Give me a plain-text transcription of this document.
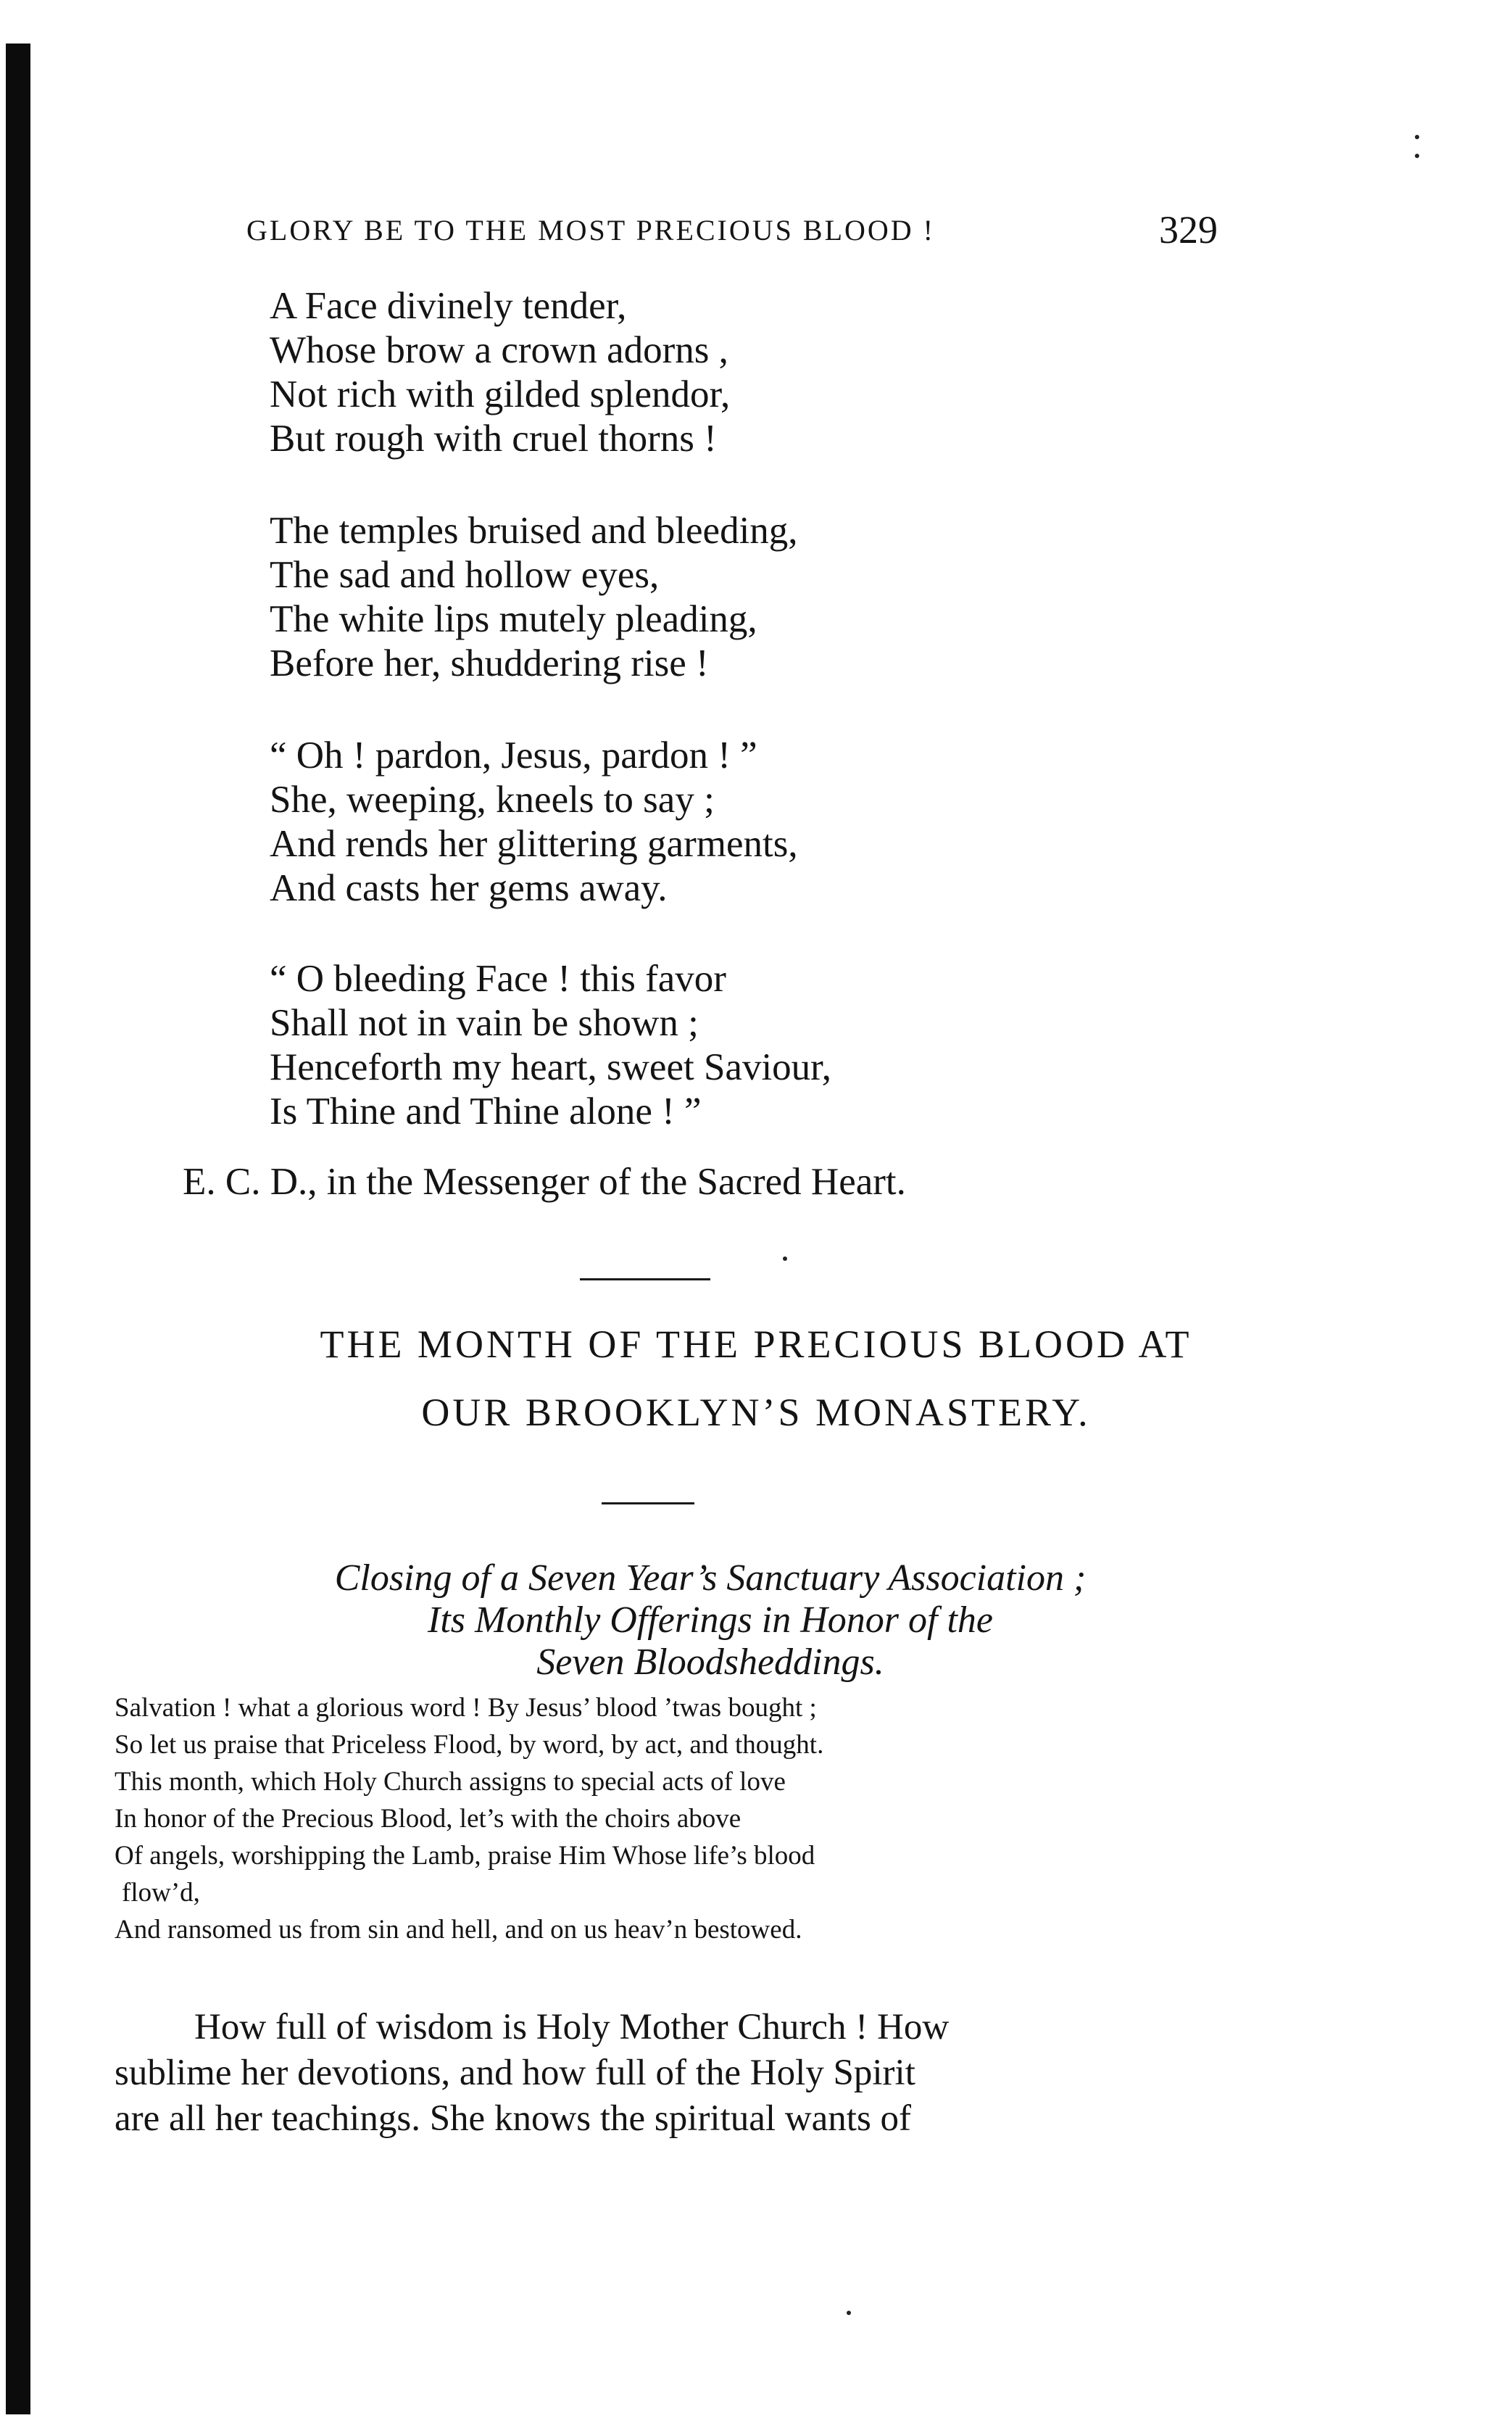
GLORY BE TO THE MOST PRECIOUS BLOOD !	329
A Face divinely tender,
Whose brow a crown adorns ,
Not rich with gilded splendor,
But rough with cruel thorns !
The temples bruised and bleeding,
The sad and hollow eyes,
The white lips mutely pleading,
Before her, shuddering rise !
“ Oh ! pardon, Jesus, pardon ! ”
She, weeping, kneels to say ;
And rends her glittering garments,
And casts her gems away.
“ O bleeding Face ! this favor
Shall not in vain be shown ;
Henceforth my heart, sweet Saviour,
Is Thine and Thine alone ! ”
E. C. D., in the Messenger of the Sacred Heart.
THE MONTH OF THE PRECIOUS BLOOD AT
OUR BROOKLYN’S MONASTERY.
Closing of a Seven Year’s Sanctuary Association ;
Its Monthly Offerings in Honor of the
Seven Bloodsheddings.
Salvation ! what a glorious word ! By Jesus’ blood ’twas bought ;
So let us praise that Priceless Flood, by word, by act, and thought.
This month, which Holy Church assigns to special acts of love
In honor of the Precious Blood, let’s with the choirs above
Of angels, worshipping the Lamb, praise Him Whose life’s blood
flow’d,
And ransomed us from sin and hell, and on us heav’n bestowed.
How full of wisdom is Holy Mother Church ! How
sublime her devotions, and how full of the Holy Spirit
are all her teachings. She knows the spiritual wants of
